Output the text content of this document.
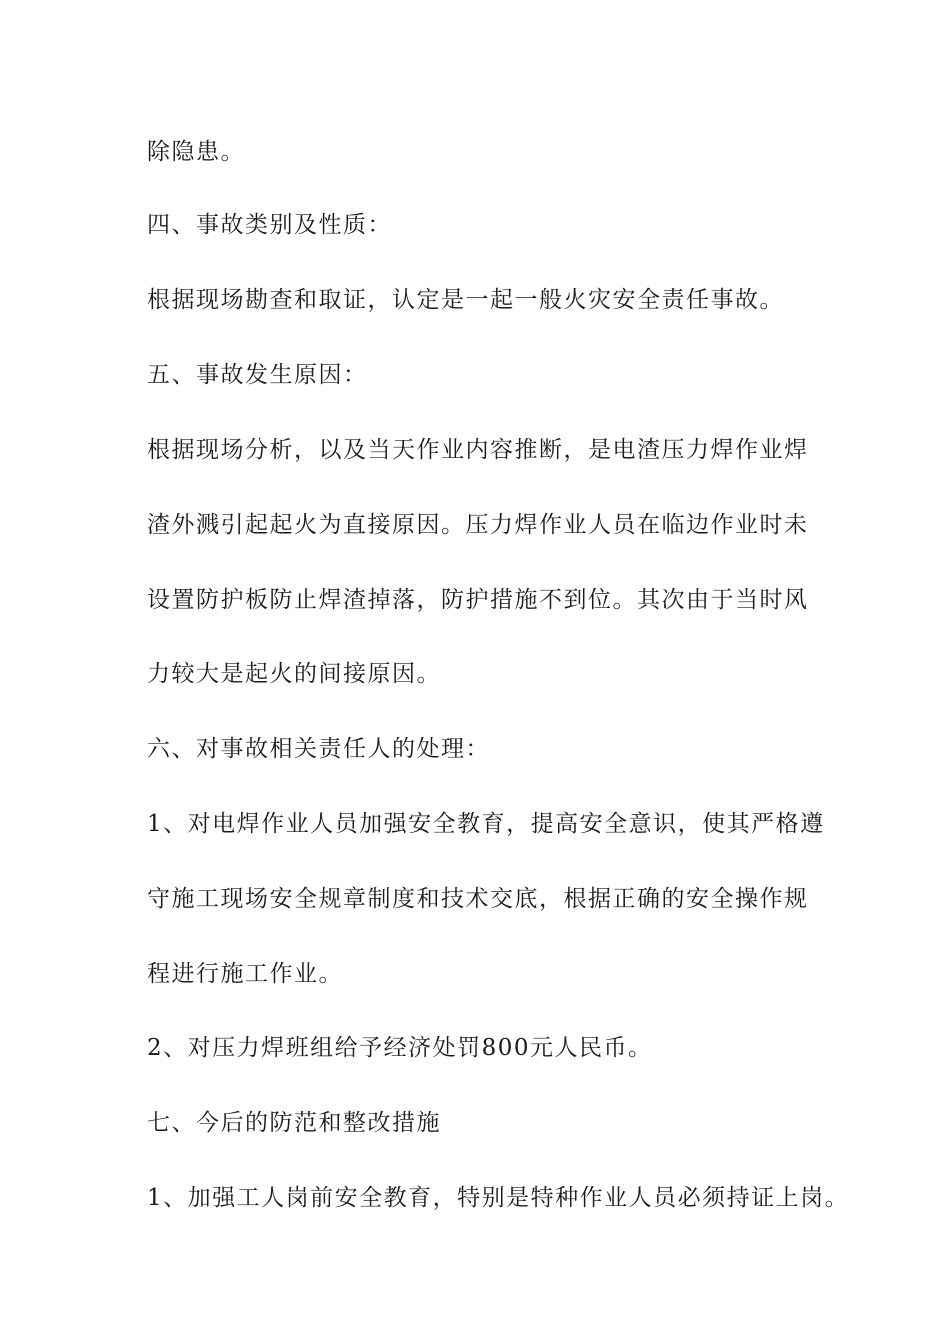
除隐患。
四、事故类别及性质：
根据现场勘查和取证，认定是一起一般火灾安全责任事故。
五、事故发生原因：
根据现场分析，以及当天作业内容推断，是电渣压力焊作业焊
渣外溅引起起火为直接原因。压力焊作业人员在临边作业时未
设置防护板防止焊渣掉落，防护措施不到位。其次由于当时风
力较大是起火的间接原因。
六、对事故相关责任人的处理：
1、对电焊作业人员加强安全教育，提高安全意识，使其严格遵
守施工现场安全规章制度和技术交底，根据正确的安全操作规
程进行施工作业。
2、对压力焊班组给予经济处罚800元人民币。
七、今后的防范和整改措施
1、加强工人岗前安全教育，特别是特种作业人员必须持证上岗。
